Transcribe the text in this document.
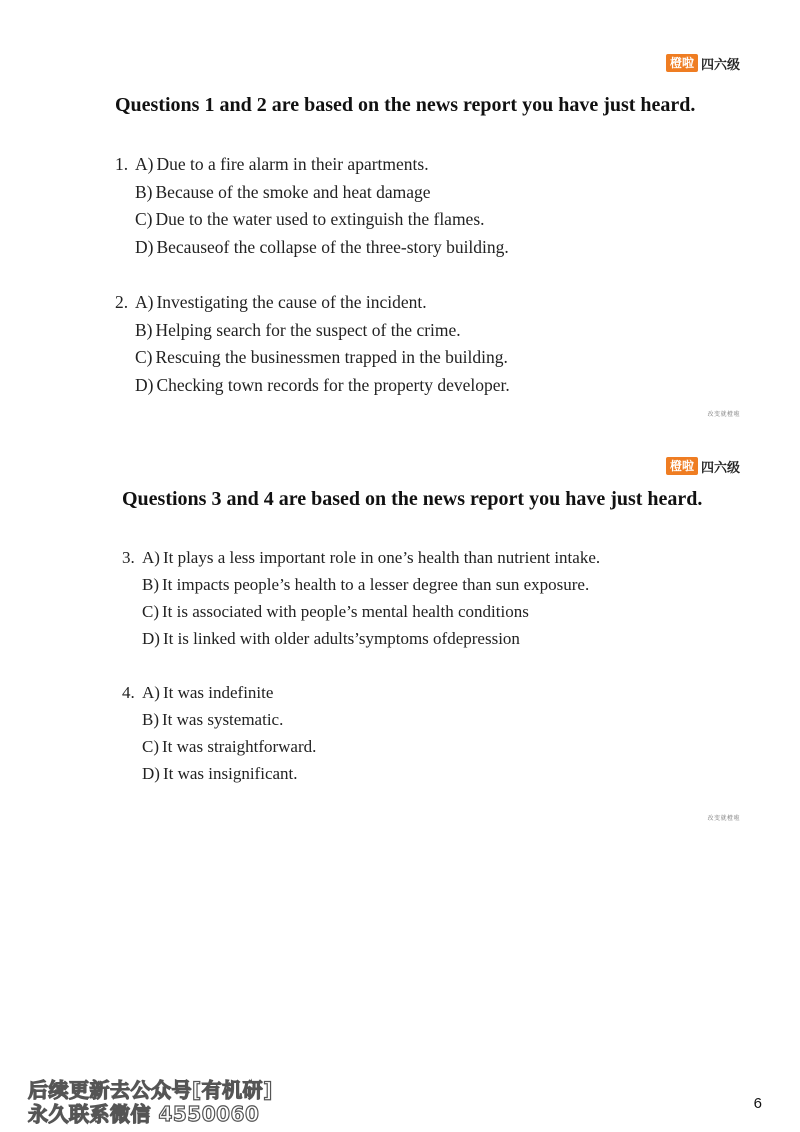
橙啦 四六级
Questions 1 and 2 are based on the news report you have just heard.
1. A) Due to a fire alarm in their apartments.
B) Because of the smoke and heat damage
C) Due to the water used to extinguish the flames.
D) Becauseof the collapse of the three-story building.
2. A) Investigating the cause of the incident.
B) Helping search for the suspect of the crime.
C) Rescuing the businessmen trapped in the building.
D) Checking town records for the property developer.
改变就橙啦
橙啦 四六级
Questions 3 and 4 are based on the news report you have just heard.
3. A) It plays a less important role in one’s health than nutrient intake.
B) It impacts people’s health to a lesser degree than sun exposure.
C) It is associated with people’s mental health conditions
D) It is linked with older adults’symptoms ofdepression
4. A) It was indefinite
B) It was systematic.
C) It was straightforward.
D) It was insignificant.
改变就橙啦
后续更新去公众号[有机研]
永久联系微信 4550060	6
